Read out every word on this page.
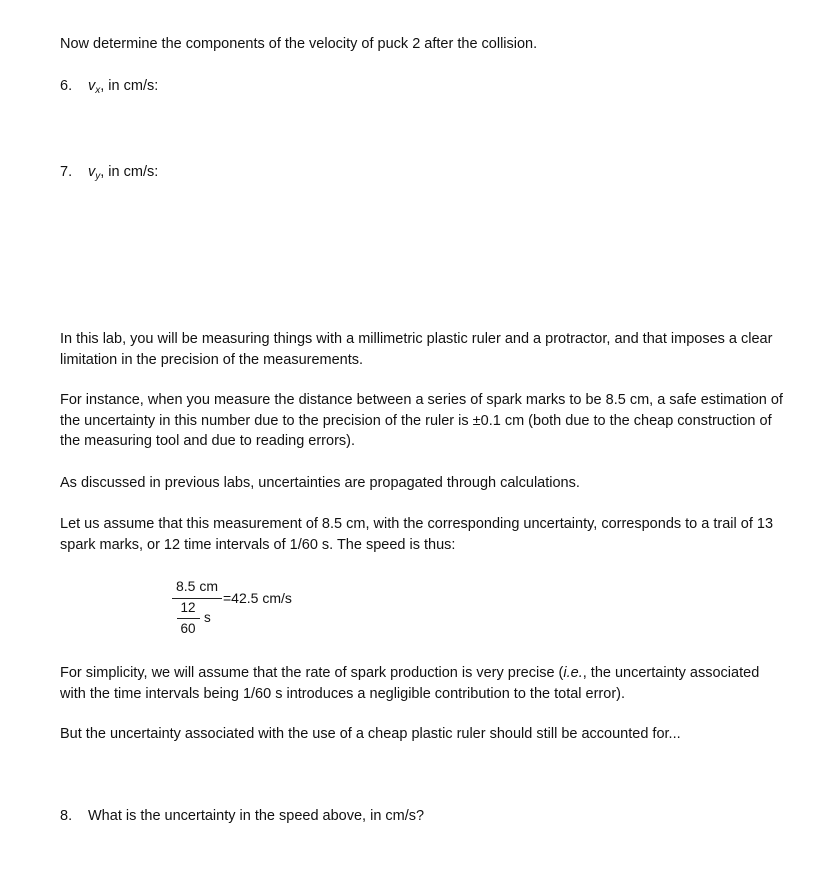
Now determine the components of the velocity of puck 2 after the collision.
6. $v_x$, in cm/s:
7. $v_y$, in cm/s:
In this lab, you will be measuring things with a millimetric plastic ruler and a protractor, and that imposes a clear limitation in the precision of the measurements.
For instance, when you measure the distance between a series of spark marks to be 8.5 cm, a safe estimation of the uncertainty in this number due to the precision of the ruler is ±0.1 cm (both due to the cheap construction of the measuring tool and due to reading errors).
As discussed in previous labs, uncertainties are propagated through calculations.
Let us assume that this measurement of 8.5 cm, with the corresponding uncertainty, corresponds to a trail of 13 spark marks, or 12 time intervals of 1/60 s. The speed is thus:
8.5 cm
=42.5 cm/s
12
60
s
For simplicity, we will assume that the rate of spark production is very precise (i.e., the uncertainty associated with the time intervals being 1/60 s introduces a negligible contribution to the total error).
But the uncertainty associated with the use of a cheap plastic ruler should still be accounted for...
8. What is the uncertainty in the speed above, in cm/s?
